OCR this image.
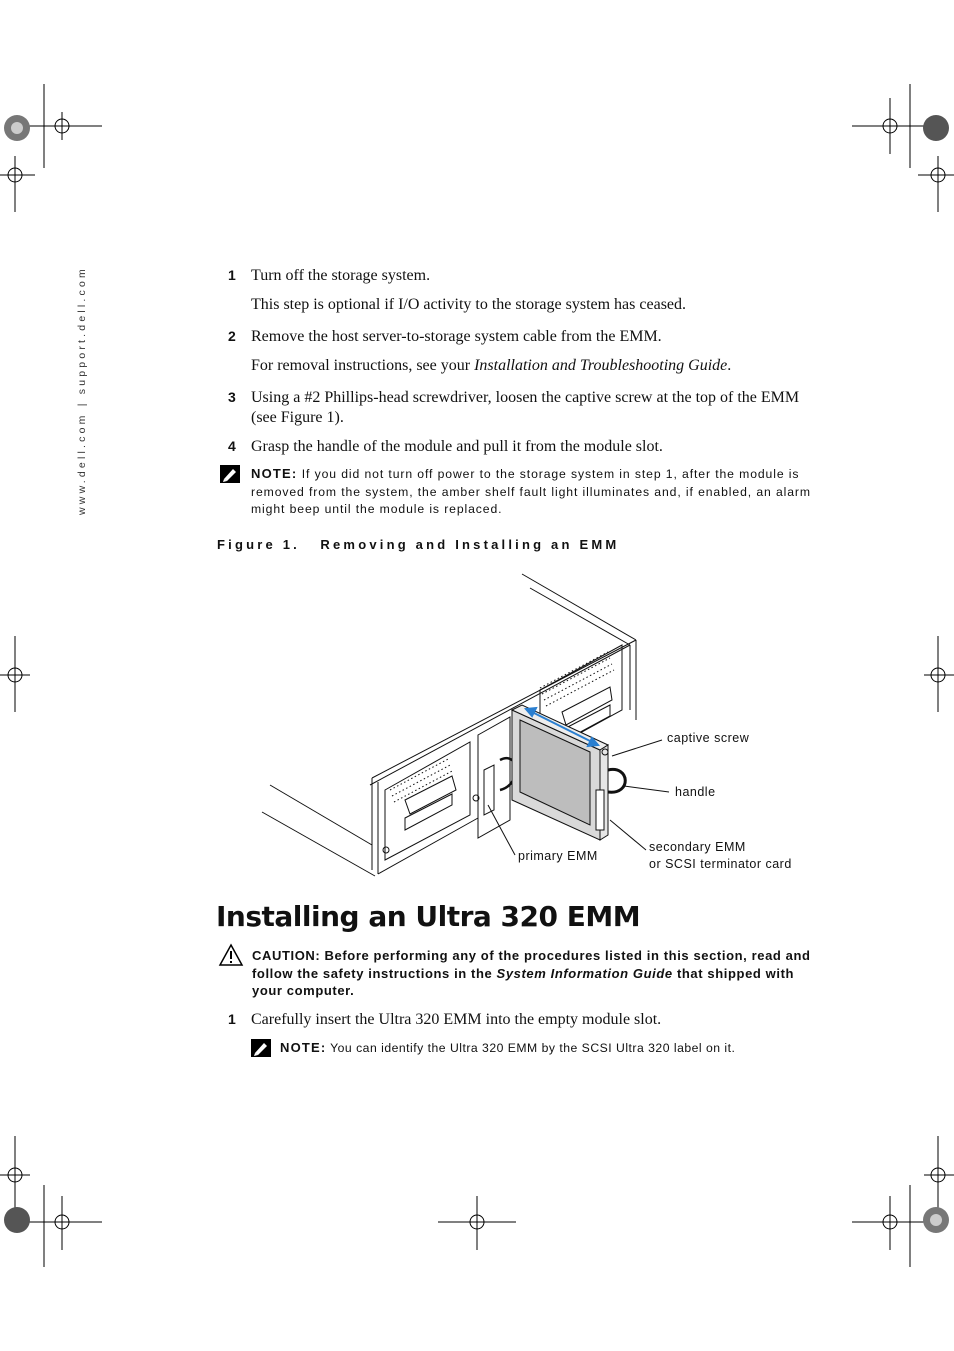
www.dell.com | support.dell.com	1 Turn off the storage system.
This step is optional if I/O activity to the storage system has ceased.
2 Remove the host server-to-storage system cable from the EMM.
For removal instructions, see your Installation and Troubleshooting Guide.
3 Using a #2 Phillips-head screwdriver, loosen the captive screw at the top of the EMM (see Figure 1).
4 Grasp the handle of the module and pull it from the module slot.
NOTE: If you did not turn off power to the storage system in step 1, after the module is removed from the system, the amber shelf fault light illuminates and, if enabled, an alarm might beep until the module is replaced.
Figure 1.   Removing and Installing an EMM
captive screw
handle
secondary EMM
or SCSI terminator card
primary EMM
Installing an Ultra 320 EMM
CAUTION: Before performing any of the procedures listed in this section, read and follow the safety instructions in the System Information Guide that shipped with your computer.
1 Carefully insert the Ultra 320 EMM into the empty module slot.
NOTE: You can identify the Ultra 320 EMM by the SCSI Ultra 320 label on it.
